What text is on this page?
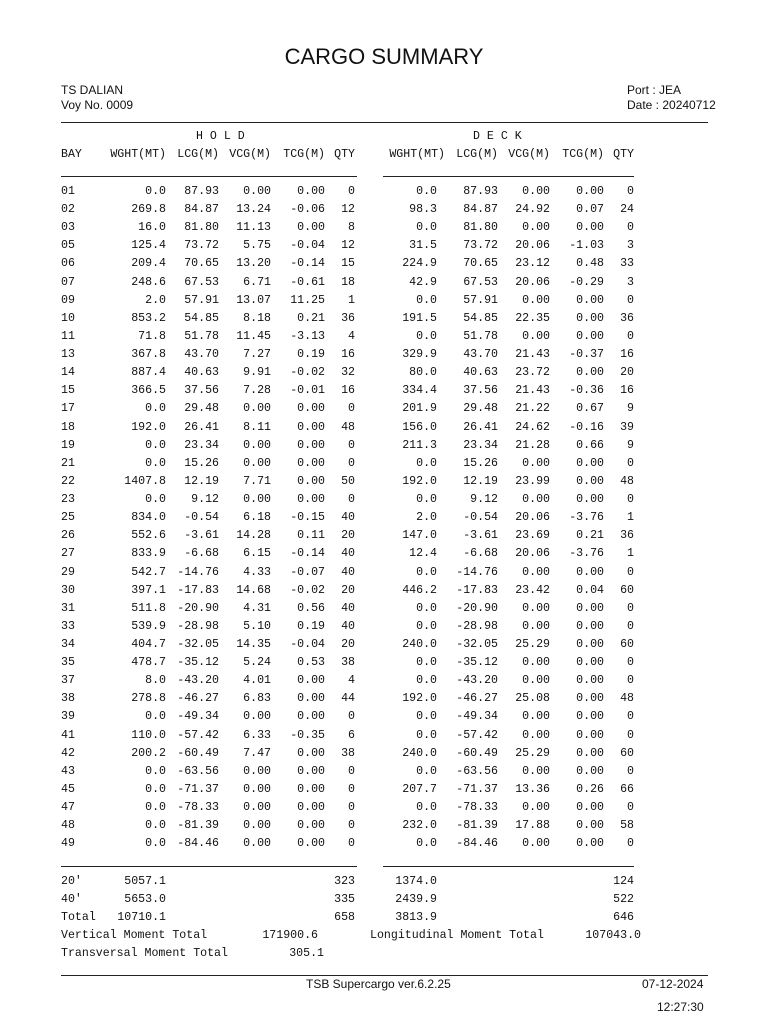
CARGO SUMMARY
TS DALIAN
Voy No. 0009
Port : JEA
Date : 20240712
H O L D	D E C K
BAY	WGHT(MT) LCG(M) VCG(M)	TCG(M) QTY	WGHT(MT) LCG(M) VCG(M)	TCG(M) QTY
01	0.0	87.93	0.00	0.00	0	0.0	87.93	0.00	0.00	0
02	269.8	84.87	13.24	-0.06	12	98.3	84.87	24.92	0.07	24
03	16.0	81.80	11.13	0.00	8	0.0	81.80	0.00	0.00	0
05	125.4	73.72	5.75	-0.04	12	31.5	73.72	20.06	-1.03	3
06	209.4	70.65	13.20	-0.14	15	224.9	70.65	23.12	0.48	33
07	248.6	67.53	6.71	-0.61	18	42.9	67.53	20.06	-0.29	3
09	2.0	57.91	13.07	11.25	1	0.0	57.91	0.00	0.00	0
10	853.2	54.85	8.18	0.21	36	191.5	54.85	22.35	0.00	36
11	71.8	51.78	11.45	-3.13	4	0.0	51.78	0.00	0.00	0
13	367.8	43.70	7.27	0.19	16	329.9	43.70	21.43	-0.37	16
14	887.4	40.63	9.91	-0.02	32	80.0	40.63	23.72	0.00	20
15	366.5	37.56	7.28	-0.01	16	334.4	37.56	21.43	-0.36	16
17	0.0	29.48	0.00	0.00	0	201.9	29.48	21.22	0.67	9
18	192.0	26.41	8.11	0.00	48	156.0	26.41	24.62	-0.16	39
19	0.0	23.34	0.00	0.00	0	211.3	23.34	21.28	0.66	9
21	0.0	15.26	0.00	0.00	0	0.0	15.26	0.00	0.00	0
22	1407.8	12.19	7.71	0.00	50	192.0	12.19	23.99	0.00	48
23	0.0	9.12	0.00	0.00	0	0.0	9.12	0.00	0.00	0
25	834.0	-0.54	6.18	-0.15	40	2.0	-0.54	20.06	-3.76	1
26	552.6	-3.61	14.28	0.11	20	147.0	-3.61	23.69	0.21	36
27	833.9	-6.68	6.15	-0.14	40	12.4	-6.68	20.06	-3.76	1
29	542.7 -14.76	4.33	-0.07	40	0.0	-14.76	0.00	0.00	0
30	397.1 -17.83	14.68	-0.02	20	446.2	-17.83	23.42	0.04	60
31	511.8 -20.90	4.31	0.56	40	0.0	-20.90	0.00	0.00	0
33	539.9 -28.98	5.10	0.19	40	0.0	-28.98	0.00	0.00	0
34	404.7 -32.05	14.35	-0.04	20	240.0	-32.05	25.29	0.00	60
35	478.7 -35.12	5.24	0.53	38	0.0	-35.12	0.00	0.00	0
37	8.0 -43.20	4.01	0.00	4	0.0	-43.20	0.00	0.00	0
38	278.8 -46.27	6.83	0.00	44	192.0	-46.27	25.08	0.00	48
39	0.0 -49.34	0.00	0.00	0	0.0	-49.34	0.00	0.00	0
41	110.0 -57.42	6.33	-0.35	6	0.0	-57.42	0.00	0.00	0
42	200.2 -60.49	7.47	0.00	38	240.0	-60.49	25.29	0.00	60
43	0.0 -63.56	0.00	0.00	0	0.0	-63.56	0.00	0.00	0
45	0.0 -71.37	0.00	0.00	0	207.7	-71.37	13.36	0.26	66
47	0.0 -78.33	0.00	0.00	0	0.0	-78.33	0.00	0.00	0
48	0.0 -81.39	0.00	0.00	0	232.0	-81.39	17.88	0.00	58
49	0.0 -84.46	0.00	0.00	0	0.0	-84.46	0.00	0.00	0
20'	5057.1	323	1374.0	124
40'	5653.0	335	2439.9	522
Total	10710.1	658	3813.9	646
Vertical Moment Total	171900.6	Longitudinal Moment Total	107043.0
Transversal Moment Total	305.1
TSB Supercargo ver.6.2.25	07-12-2024
12:27:30
